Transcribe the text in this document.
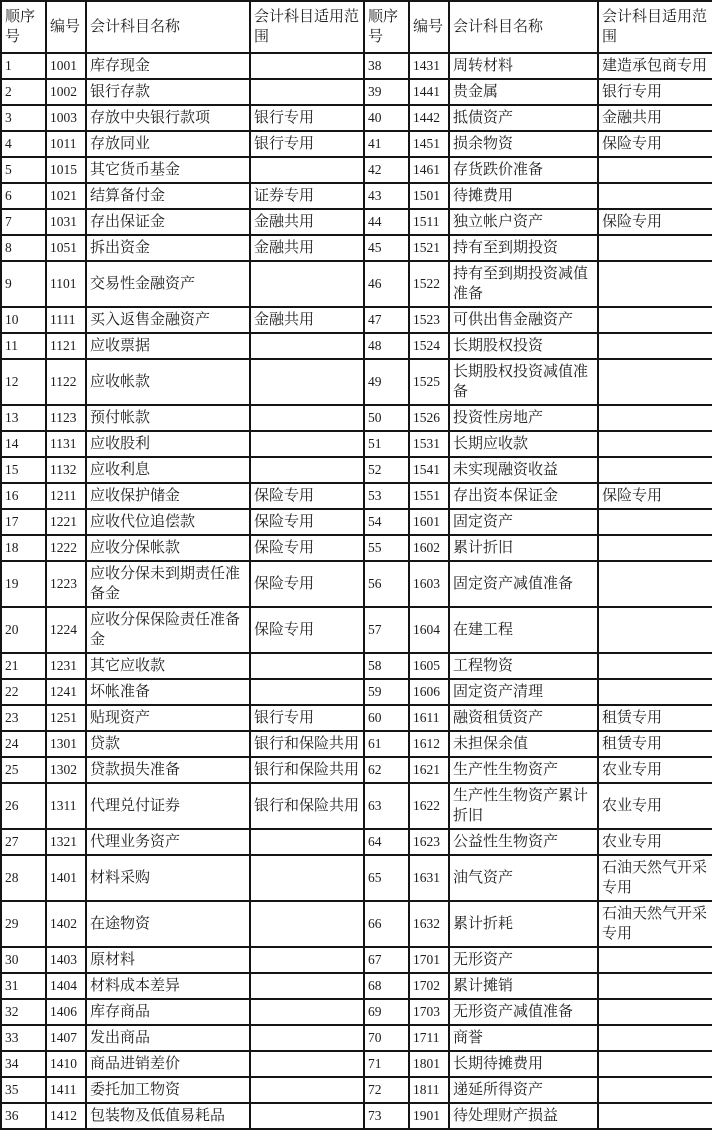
顺序号	编号	会计科目名称	会计科目适用范围	顺序号	编号	会计科目名称	会计科目适用范围
1	1001	库存现金		38	1431	周转材料	建造承包商专用
2	1002	银行存款		39	1441	贵金属	银行专用
3	1003	存放中央银行款项	银行专用	40	1442	抵债资产	金融共用
4	1011	存放同业	银行专用	41	1451	损余物资	保险专用
5	1015	其它货币基金		42	1461	存货跌价准备	
6	1021	结算备付金	证券专用	43	1501	待摊费用	
7	1031	存出保证金	金融共用	44	1511	独立帐户资产	保险专用
8	1051	拆出资金	金融共用	45	1521	持有至到期投资	
9	1101	交易性金融资产		46	1522	持有至到期投资减值准备	
10	1111	买入返售金融资产	金融共用	47	1523	可供出售金融资产	
11	1121	应收票据		48	1524	长期股权投资	
12	1122	应收帐款		49	1525	长期股权投资减值准备	
13	1123	预付帐款		50	1526	投资性房地产	
14	1131	应收股利		51	1531	长期应收款	
15	1132	应收利息		52	1541	未实现融资收益	
16	1211	应收保护储金	保险专用	53	1551	存出资本保证金	保险专用
17	1221	应收代位追偿款	保险专用	54	1601	固定资产	
18	1222	应收分保帐款	保险专用	55	1602	累计折旧	
19	1223	应收分保未到期责任准备金	保险专用	56	1603	固定资产减值准备	
20	1224	应收分保保险责任准备金	保险专用	57	1604	在建工程	
21	1231	其它应收款		58	1605	工程物资	
22	1241	坏帐准备		59	1606	固定资产清理	
23	1251	贴现资产	银行专用	60	1611	融资租赁资产	租赁专用
24	1301	贷款	银行和保险共用	61	1612	未担保余值	租赁专用
25	1302	贷款损失准备	银行和保险共用	62	1621	生产性生物资产	农业专用
26	1311	代理兑付证券	银行和保险共用	63	1622	生产性生物资产累计折旧	农业专用
27	1321	代理业务资产		64	1623	公益性生物资产	农业专用
28	1401	材料采购		65	1631	油气资产	石油天然气开采专用
29	1402	在途物资		66	1632	累计折耗	石油天然气开采专用
30	1403	原材料		67	1701	无形资产	
31	1404	材料成本差异		68	1702	累计摊销	
32	1406	库存商品		69	1703	无形资产减值准备	
33	1407	发出商品		70	1711	商誉	
34	1410	商品进销差价		71	1801	长期待摊费用	
35	1411	委托加工物资		72	1811	递延所得资产	
36	1412	包装物及低值易耗品		73	1901	待处理财产损益	
